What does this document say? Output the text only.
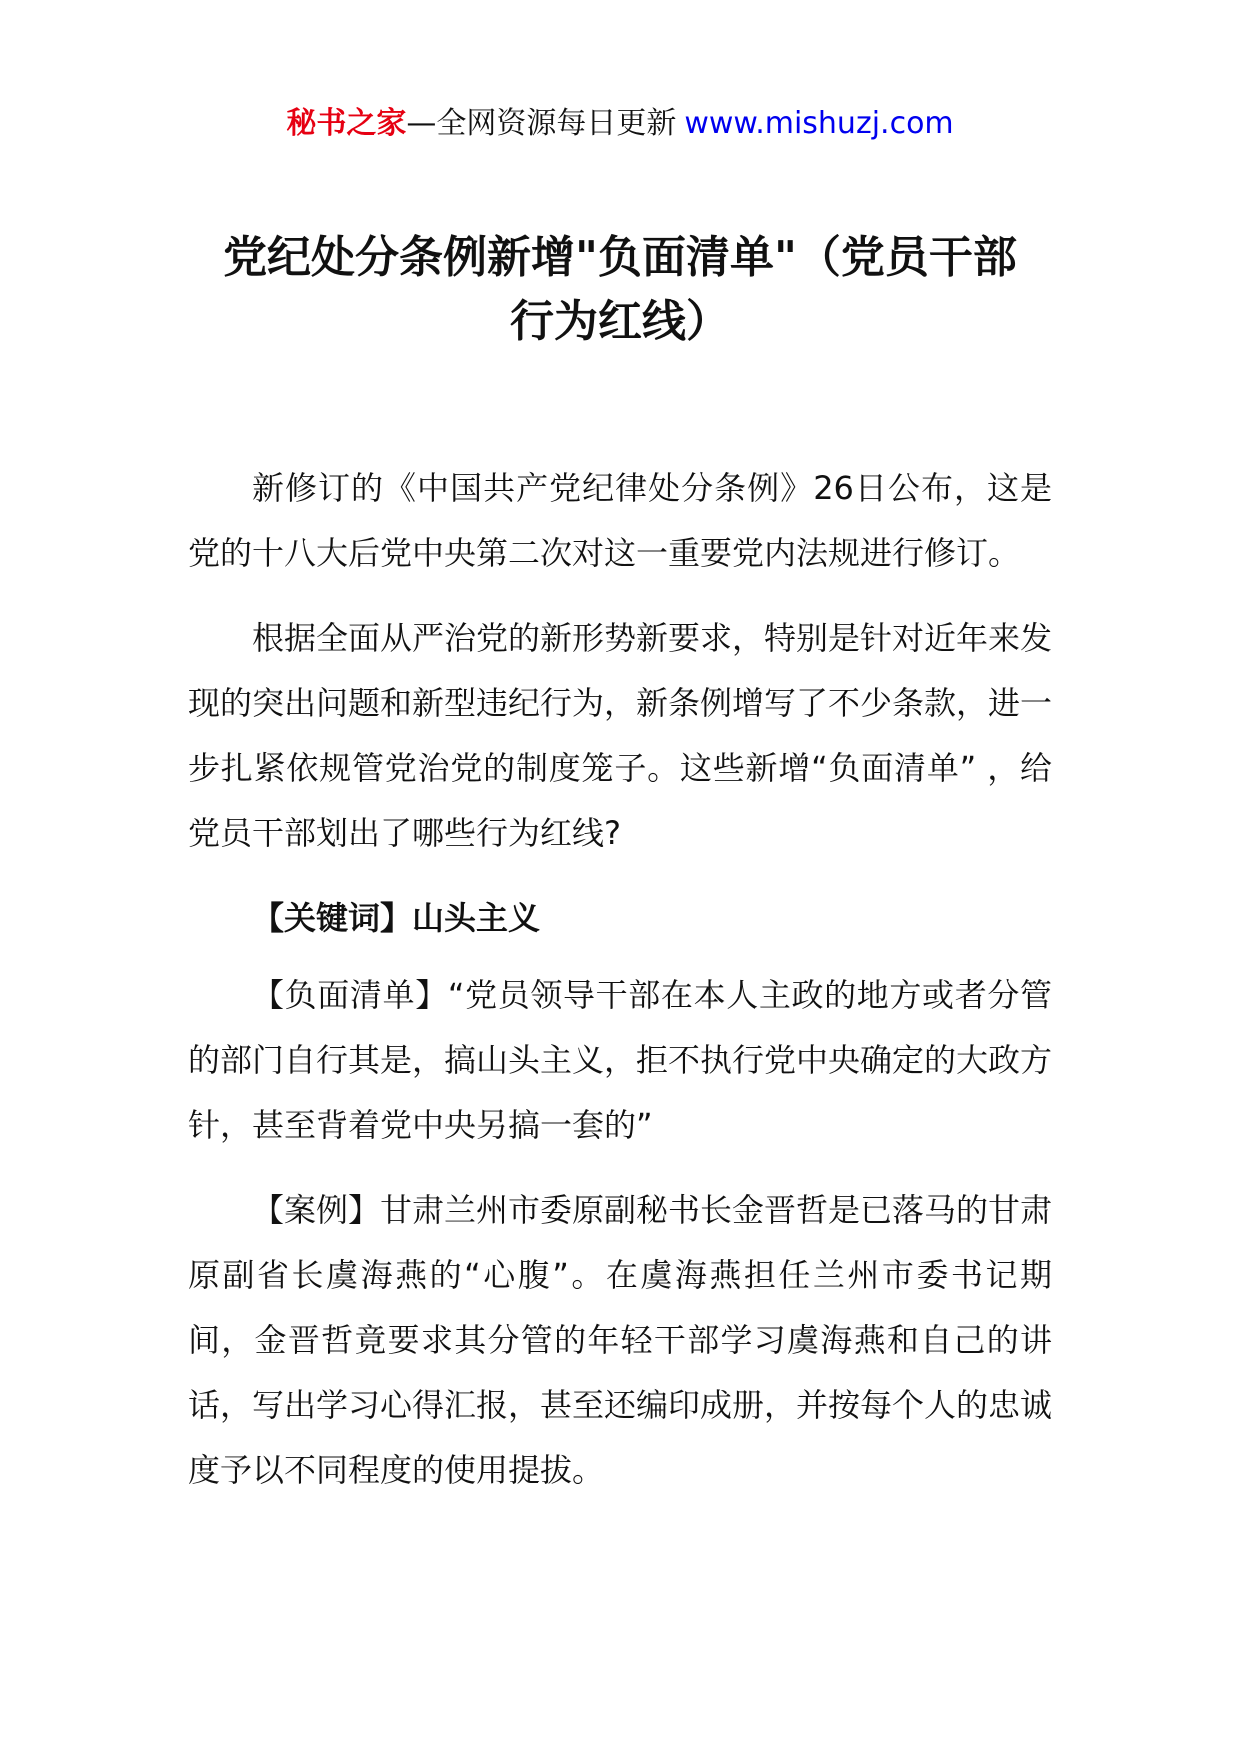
秘书之家—全网资源每日更新 www.mishuzj.com
党纪处分条例新增"负面清单"（党员干部
行为红线）

新修订的《中国共产党纪律处分条例》26日公布，这是党的十八大后党中央第二次对这一重要党内法规进行修订。

根据全面从严治党的新形势新要求，特别是针对近年来发现的突出问题和新型违纪行为，新条例增写了不少条款，进一步扎紧依规管党治党的制度笼子。这些新增“负面清单” ，给党员干部划出了哪些行为红线?

【关键词】山头主义

【负面清单】“党员领导干部在本人主政的地方或者分管的部门自行其是，搞山头主义，拒不执行党中央确定的大政方针，甚至背着党中央另搞一套的”

【案例】甘肃兰州市委原副秘书长金晋哲是已落马的甘肃原副省长虞海燕的“心腹”。在虞海燕担任兰州市委书记期间，金晋哲竟要求其分管的年轻干部学习虞海燕和自己的讲话，写出学习心得汇报，甚至还编印成册，并按每个人的忠诚度予以不同程度的使用提拔。
